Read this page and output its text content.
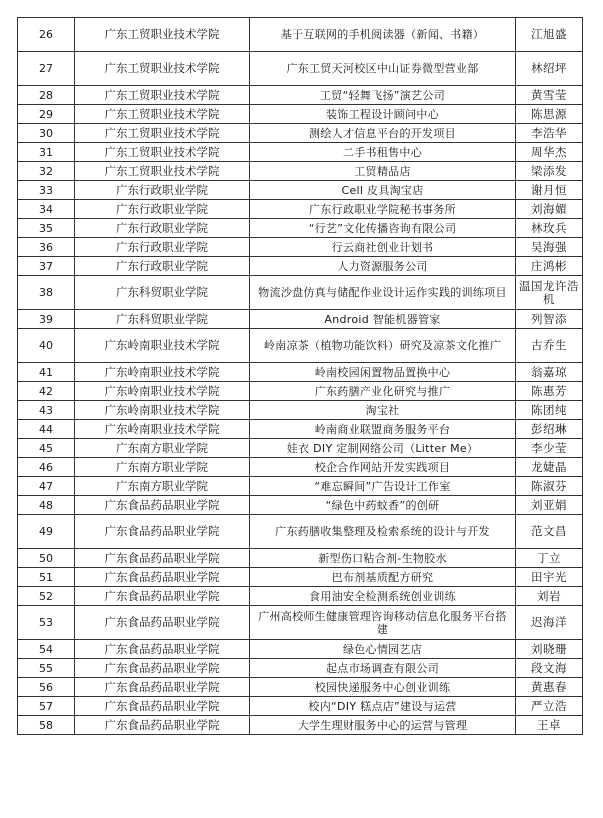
26	广东工贸职业技术学院	基于互联网的手机阅读器（新闻、书籍）	江旭盛
27	广东工贸职业技术学院	广东工贸天河校区中山证券微型营业部	林绍坪
28	广东工贸职业技术学院	工贸“轻舞飞扬”演艺公司	黄雪莹
29	广东工贸职业技术学院	装饰工程设计顾问中心	陈思源
30	广东工贸职业技术学院	测绘人才信息平台的开发项目	李浩华
31	广东工贸职业技术学院	二手书租售中心	周华杰
32	广东工贸职业技术学院	工贸精品店	梁添发
33	广东行政职业学院	Cell 皮具淘宝店	谢月恒
34	广东行政职业学院	广东行政职业学院秘书事务所	刘海媚
35	广东行政职业学院	“行艺”文化传播咨询有限公司	林玫兵
36	广东行政职业学院	行云商社创业计划书	吴海强
37	广东行政职业学院	人力资源服务公司	庄鸿彬
38	广东科贸职业学院	物流沙盘仿真与储配作业设计运作实践的训练项目	温国龙许浩机
39	广东科贸职业学院	Android 智能机器管家	列智添
40	广东岭南职业技术学院	岭南凉茶（植物功能饮料）研究及凉茶文化推广	古乔生
41	广东岭南职业技术学院	岭南校园闲置物品置换中心	翁嘉琼
42	广东岭南职业技术学院	广东药膳产业化研究与推广	陈惠芳
43	广东岭南职业技术学院	淘宝社	陈团纯
44	广东岭南职业技术学院	岭南商业联盟商务服务平台	彭绍琳
45	广东南方职业学院	娃衣 DIY 定制网络公司（Litter Me）	李少莹
46	广东南方职业学院	校企合作网站开发实践项目	龙婕晶
47	广东南方职业学院	“难忘瞬间”广告设计工作室	陈淑芬
48	广东食品药品职业学院	“绿色中药蚊香”的创研	刘亚娟
49	广东食品药品职业学院	广东药膳收集整理及检索系统的设计与开发	范文昌
50	广东食品药品职业学院	新型伤口粘合剂-生物胶水	丁立
51	广东食品药品职业学院	巴布剂基质配方研究	田宇光
52	广东食品药品职业学院	食用油安全检测系统创业训练	刘岩
53	广东食品药品职业学院	广州高校师生健康管理咨询移动信息化服务平台搭建	迟海洋
54	广东食品药品职业学院	绿色心情园艺店	刘晓珊
55	广东食品药品职业学院	起点市场调查有限公司	段文海
56	广东食品药品职业学院	校园快递服务中心创业训练	黄惠春
57	广东食品药品职业学院	校内“DIY 糕点店”建设与运营	严立浩
58	广东食品药品职业学院	大学生理财服务中心的运营与管理	王卓
